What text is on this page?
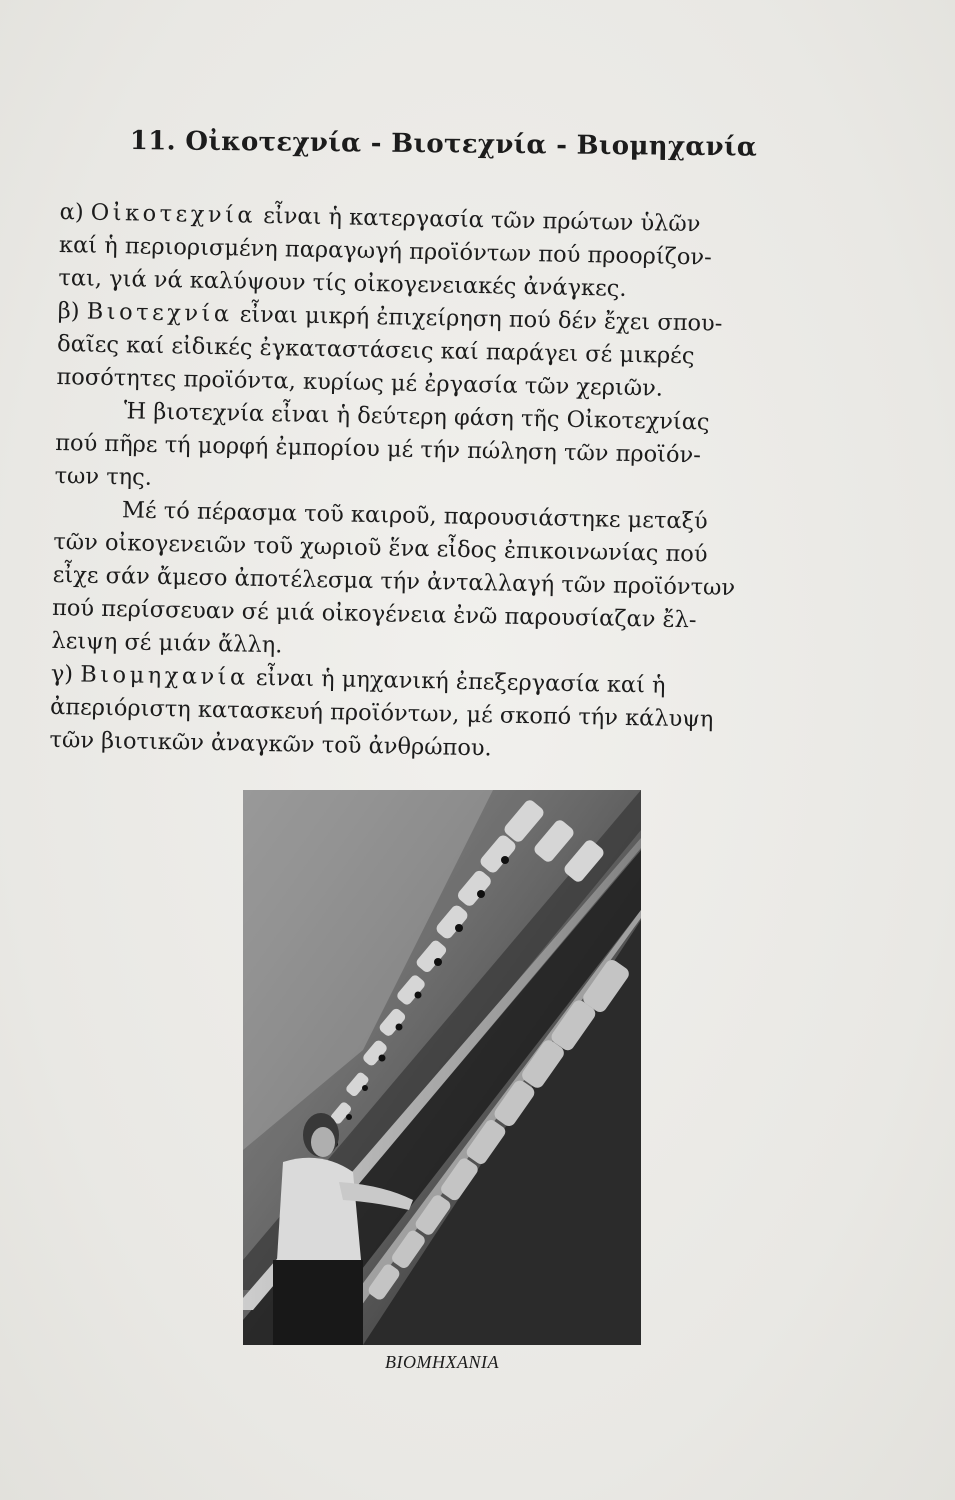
11. Οἰκοτεχνία - Βιοτεχνία - Βιομηχανία
α) Οἰκοτεχνία εἶναι ἡ κατεργασία τῶν πρώτων ὑλῶν
καί ἡ περιορισμένη παραγωγή προϊόντων πού προορίζον-
ται, γιά νά καλύψουν τίς οἰκογενειακές ἀνάγκες.
β) Βιοτεχνία εἶναι μικρή ἐπιχείρηση πού δέν ἔχει σπου-
δαῖες καί εἰδικές ἐγκαταστάσεις καί παράγει σέ μικρές
ποσότητες προϊόντα, κυρίως μέ ἐργασία τῶν χεριῶν.
Ἡ βιοτεχνία εἶναι ἡ δεύτερη φάση τῆς Οἰκοτεχνίας
πού πῆρε τή μορφή ἐμπορίου μέ τήν πώληση τῶν προϊόν-
των της.
Μέ τό πέρασμα τοῦ καιροῦ, παρουσιάστηκε μεταξύ
τῶν οἰκογενειῶν τοῦ χωριοῦ ἕνα εἶδος ἐπικοινωνίας πού
εἶχε σάν ἄμεσο ἀποτέλεσμα τήν ἀνταλλαγή τῶν προϊόντων
πού περίσσευαν σέ μιά οἰκογένεια ἐνῶ παρουσίαζαν ἔλ-
λειψη σέ μιάν ἄλλη.
γ) Βιομηχανία εἶναι ἡ μηχανική ἐπεξεργασία καί ἡ
ἀπεριόριστη κατασκευή προϊόντων, μέ σκοπό τήν κάλυψη
τῶν βιοτικῶν ἀναγκῶν τοῦ ἀνθρώπου.
ΒΙΟΜΗΧΑΝΙΑ
